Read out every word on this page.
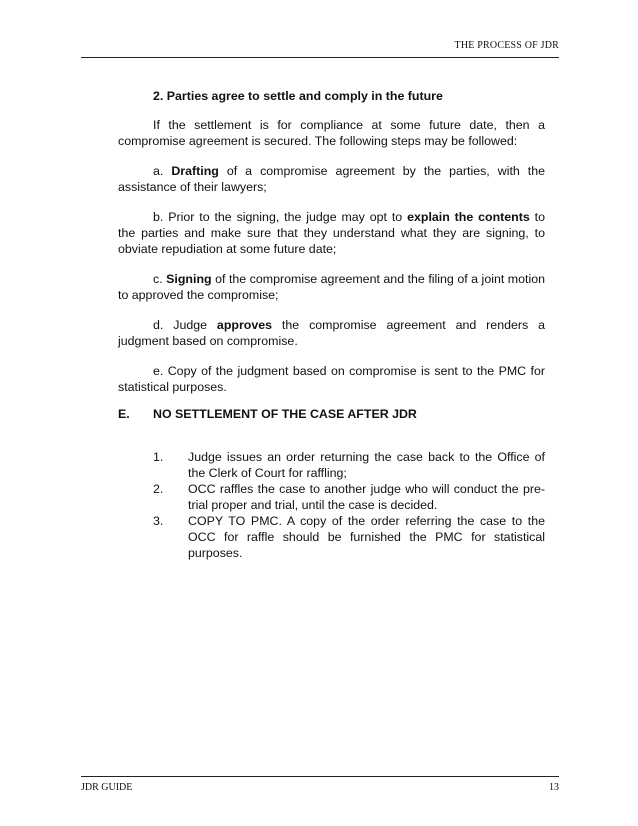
THE PROCESS OF JDR
2. Parties agree to settle and comply in the future

If the settlement is for compliance at some future date, then a compromise agreement is secured. The following steps may be followed:

a. Drafting of a compromise agreement by the parties, with the assistance of their lawyers;

b. Prior to the signing, the judge may opt to explain the contents to the parties and make sure that they understand what they are signing, to obviate repudiation at some future date;

c. Signing of the compromise agreement and the filing of a joint motion to approved the compromise;

d. Judge approves the compromise agreement and renders a judgment based on compromise.

e. Copy of the judgment based on compromise is sent to the PMC for statistical purposes.

E. NO SETTLEMENT OF THE CASE AFTER JDR
1. Judge issues an order returning the case back to the Office of the Clerk of Court for raffling;
2. OCC raffles the case to another judge who will conduct the pre-trial proper and trial, until the case is decided.
3. COPY TO PMC. A copy of the order referring the case to the OCC for raffle should be furnished the PMC for statistical purposes.
JDR GUIDE	13
